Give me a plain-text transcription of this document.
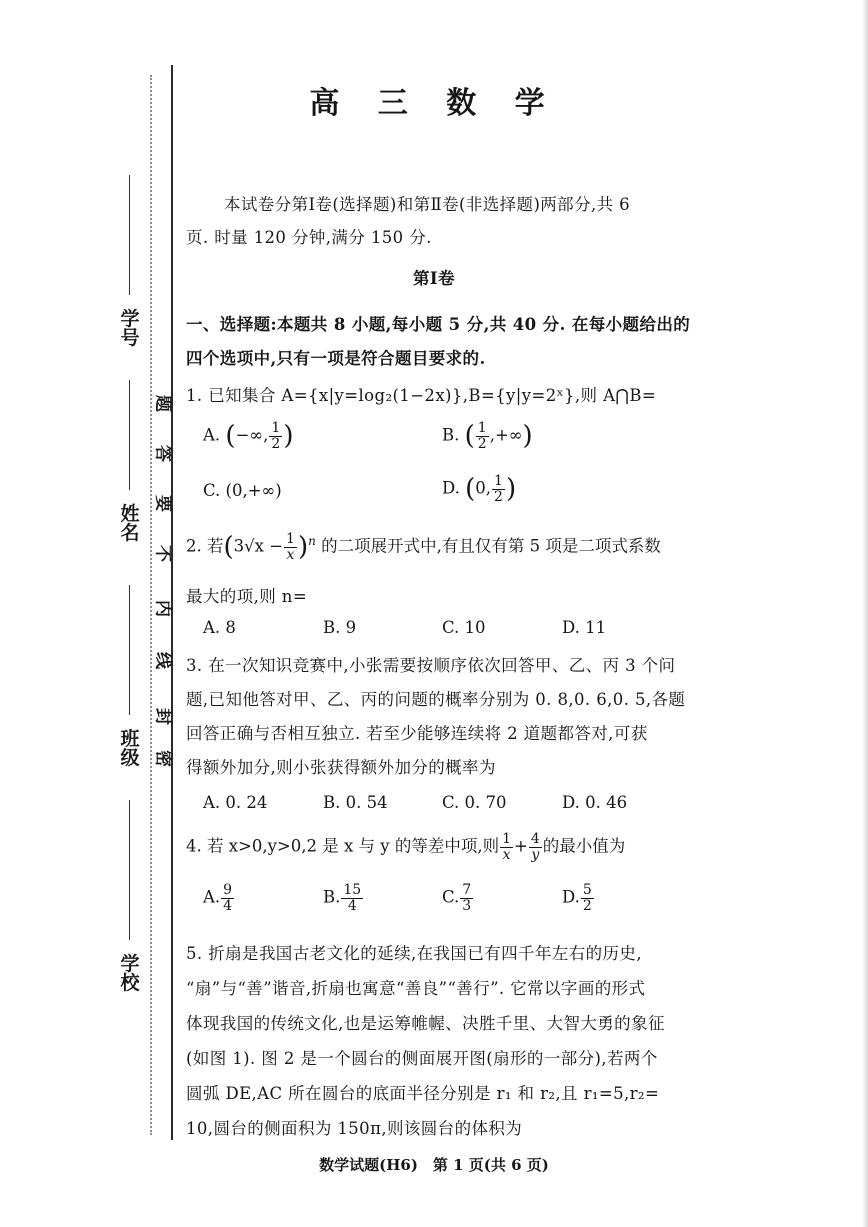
学 号
姓 名
班 级
学 校
题
答
要
不
内
线
封
密
高 三 数 学
本试卷分第Ⅰ卷(选择题)和第Ⅱ卷(非选择题)两部分,共 6
页. 时量 120 分钟,满分 150 分.
第Ⅰ卷
一、选择题:本题共 8 小题,每小题 5 分,共 40 分. 在每小题给出的
四个选项中,只有一项是符合题目要求的.
1. 已知集合 A={x|y=log₂(1−2x)},B={y|y=2ˣ},则 A⋂B=
A. (−∞, $\frac{1}{2}$ )	B. ( $\frac{1}{2}$ ,+∞)
C. (0,+∞)	D. (0, $\frac{1}{2}$ )
2. 若$(3√x - \frac{1}{x} )^n$ 的二项展开式中,有且仅有第 5 项是二项式系数
最大的项,则 n=
A. 8	B. 9	C. 10	D. 11
3. 在一次知识竞赛中,小张需要按顺序依次回答甲、乙、丙 3 个问
题,已知他答对甲、乙、丙的问题的概率分别为 0. 8,0. 6,0. 5,各题
回答正确与否相互独立. 若至少能够连续将 2 道题都答对,可获
得额外加分,则小张获得额外加分的概率为
A. 0. 24	B. 0. 54	C. 0. 70	D. 0. 46
4. 若 x>0,y>0,2 是 x 与 y 的等差中项,则 $\frac{1}{x} + \frac{4}{y}$ 的最小值为
A. $\frac{9}{4}$	B. $\frac{15}{4}$	C. $\frac{7}{3}$	D. $\frac{5}{2}$
5. 折扇是我国古老文化的延续,在我国已有四千年左右的历史,
“扇”与“善”谐音,折扇也寓意“善良”“善行”. 它常以字画的形式
体现我国的传统文化,也是运筹帷幄、决胜千里、大智大勇的象征
(如图 1). 图 2 是一个圆台的侧面展开图(扇形的一部分),若两个
圆弧 DE,AC 所在圆台的底面半径分别是 r₁ 和 r₂,且 r₁=5,r₂=
10,圆台的侧面积为 150π,则该圆台的体积为
数学试题(H6)　第 1 页(共 6 页)
